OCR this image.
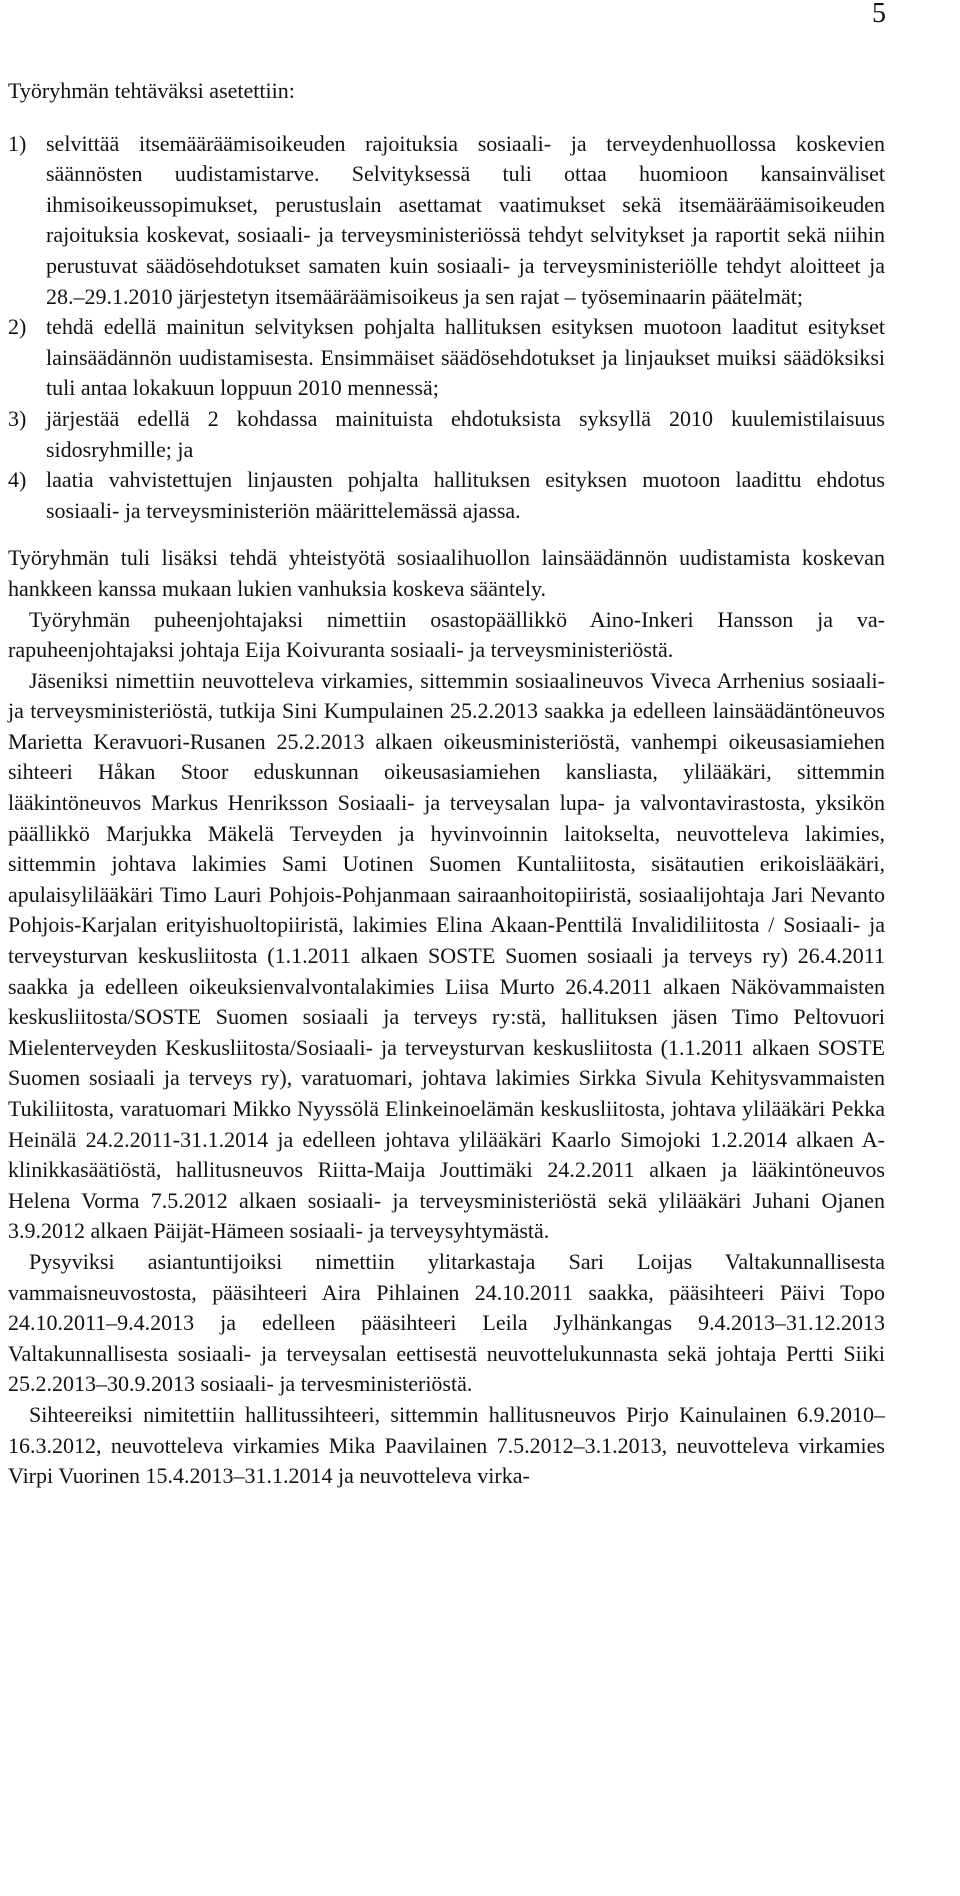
5

Työryhmän tehtäväksi asetettiin:

1) selvittää itsemääräämisoikeuden rajoituksia sosiaali- ja terveydenhuollossa koskevien säännösten uudistamistarve. Selvityksessä tuli ottaa huomioon kansainväliset ihmisoikeussopimukset, perustuslain asettamat vaatimukset sekä itsemääräämisoikeuden rajoituksia koskevat, sosiaali- ja terveysministeriössä tehdyt selvitykset ja raportit sekä niihin perustuvat säädösehdotukset samaten kuin sosiaali- ja terveysministeriölle tehdyt aloitteet ja 28.–29.1.2010 järjestetyn itsemääräämisoikeus ja sen rajat – työseminaarin päätelmät;
2) tehdä edellä mainitun selvityksen pohjalta hallituksen esityksen muotoon laaditut esitykset lainsäädännön uudistamisesta. Ensimmäiset säädösehdotukset ja linjaukset muiksi säädöksiksi tuli antaa lokakuun loppuun 2010 mennessä;
3) järjestää edellä 2 kohdassa mainituista ehdotuksista syksyllä 2010 kuulemistilaisuus sidosryhmille; ja
4) laatia vahvistettujen linjausten pohjalta hallituksen esityksen muotoon laadittu ehdotus sosiaali- ja terveysministeriön määrittelemässä ajassa.

Työryhmän tuli lisäksi tehdä yhteistyötä sosiaalihuollon lainsäädännön uudistamista koskevan hankkeen kanssa mukaan lukien vanhuksia koskeva sääntely.

Työryhmän puheenjohtajaksi nimettiin osastopäällikkö Aino-Inkeri Hansson ja varapuheenjohtajaksi johtaja Eija Koivuranta sosiaali- ja terveysministeriöstä.

Jäseniksi nimettiin neuvotteleva virkamies, sittemmin sosiaalineuvos Viveca Arrhenius sosiaali- ja terveysministeriöstä, tutkija Sini Kumpulainen 25.2.2013 saakka ja edelleen lainsäädäntöneuvos Marietta Keravuori-Rusanen 25.2.2013 alkaen oikeusministeriöstä, vanhempi oikeusasiamiehen sihteeri Håkan Stoor eduskunnan oikeusasiamiehen kansliasta, ylilääkäri, sittemmin lääkintöneuvos Markus Henriksson Sosiaali- ja terveysalan lupa- ja valvontavirastosta, yksikön päällikkö Marjukka Mäkelä Terveyden ja hyvinvoinnin laitokselta, neuvotteleva lakimies, sittemmin johtava lakimies Sami Uotinen Suomen Kuntaliitosta, sisätautien erikoislääkäri, apulaisylilääkäri Timo Lauri Pohjois-Pohjanmaan sairaanhoitopiiristä, sosiaalijohtaja Jari Nevanto Pohjois-Karjalan erityishuoltopiiristä, lakimies Elina Akaan-Penttilä Invalidiliitosta / Sosiaali- ja terveysturvan keskusliitosta (1.1.2011 alkaen SOSTE Suomen sosiaali ja terveys ry) 26.4.2011 saakka ja edelleen oikeuksienvalvontalakimies Liisa Murto 26.4.2011 alkaen Näkövammaisten keskusliitosta/SOSTE Suomen sosiaali ja terveys ry:stä, hallituksen jäsen Timo Peltovuori Mielenterveyden Keskusliitosta/Sosiaali- ja terveysturvan keskusliitosta (1.1.2011 alkaen SOSTE Suomen sosiaali ja terveys ry), varatuomari, johtava lakimies Sirkka Sivula Kehitysvammaisten Tukiliitosta, varatuomari Mikko Nyyssölä Elinkeinoelämän keskusliitosta, johtava ylilääkäri Pekka Heinälä 24.2.2011-31.1.2014 ja edelleen johtava ylilääkäri Kaarlo Simojoki 1.2.2014 alkaen A-klinikkasäätiöstä, hallitusneuvos Riitta-Maija Jouttimäki 24.2.2011 alkaen ja lääkintöneuvos Helena Vorma 7.5.2012 alkaen sosiaali- ja terveysministeriöstä sekä ylilääkäri Juhani Ojanen 3.9.2012 alkaen Päijät-Hämeen sosiaali- ja terveysyhtymästä.

Pysyviksi asiantuntijoiksi nimettiin ylitarkastaja Sari Loijas Valtakunnallisesta vammaisneuvostosta, pääsihteeri Aira Pihlainen 24.10.2011 saakka, pääsihteeri Päivi Topo 24.10.2011–9.4.2013 ja edelleen pääsihteeri Leila Jylhänkangas 9.4.2013–31.12.2013 Valtakunnallisesta sosiaali- ja terveysalan eettisestä neuvottelukunnasta sekä johtaja Pertti Siiki 25.2.2013–30.9.2013 sosiaali- ja tervesministeriöstä.

Sihteereiksi nimitettiin hallitussihteeri, sittemmin hallitusneuvos Pirjo Kainulainen 6.9.2010–16.3.2012, neuvotteleva virkamies Mika Paavilainen 7.5.2012–3.1.2013, neuvotteleva virkamies Virpi Vuorinen 15.4.2013–31.1.2014 ja neuvotteleva virka-
